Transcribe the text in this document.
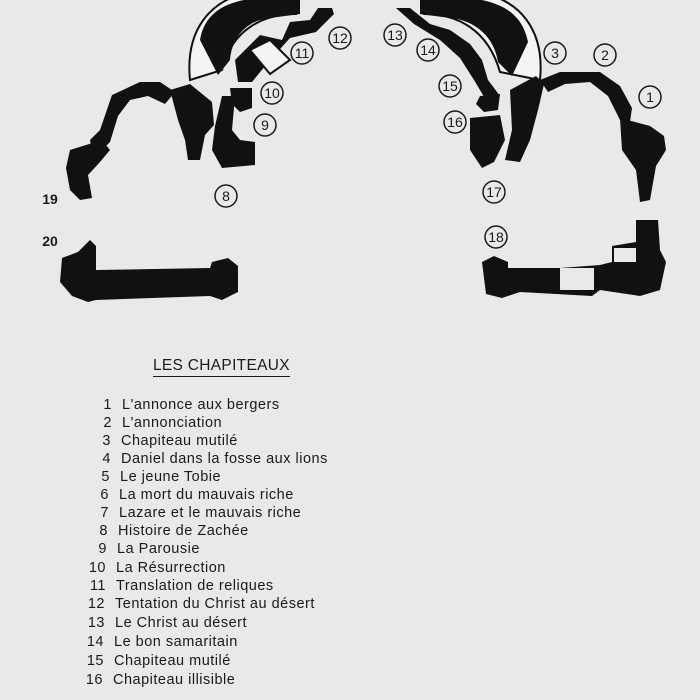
1
2
3
8
9
10
11
12	13
14
15
16
17
18
19
20
LES CHAPITEAUX
1 L'annonce aux bergers
2 L'annonciation
3 Chapiteau mutilé
4 Daniel dans la fosse aux lions
5 Le jeune Tobie
6 La mort du mauvais riche
7 Lazare et le mauvais riche
8 Histoire de Zachée
9 La Parousie
10 La Résurrection
11 Translation de reliques
12 Tentation du Christ au désert
13 Le Christ au désert
14 Le bon samaritain
15 Chapiteau mutilé
16 Chapiteau illisible
